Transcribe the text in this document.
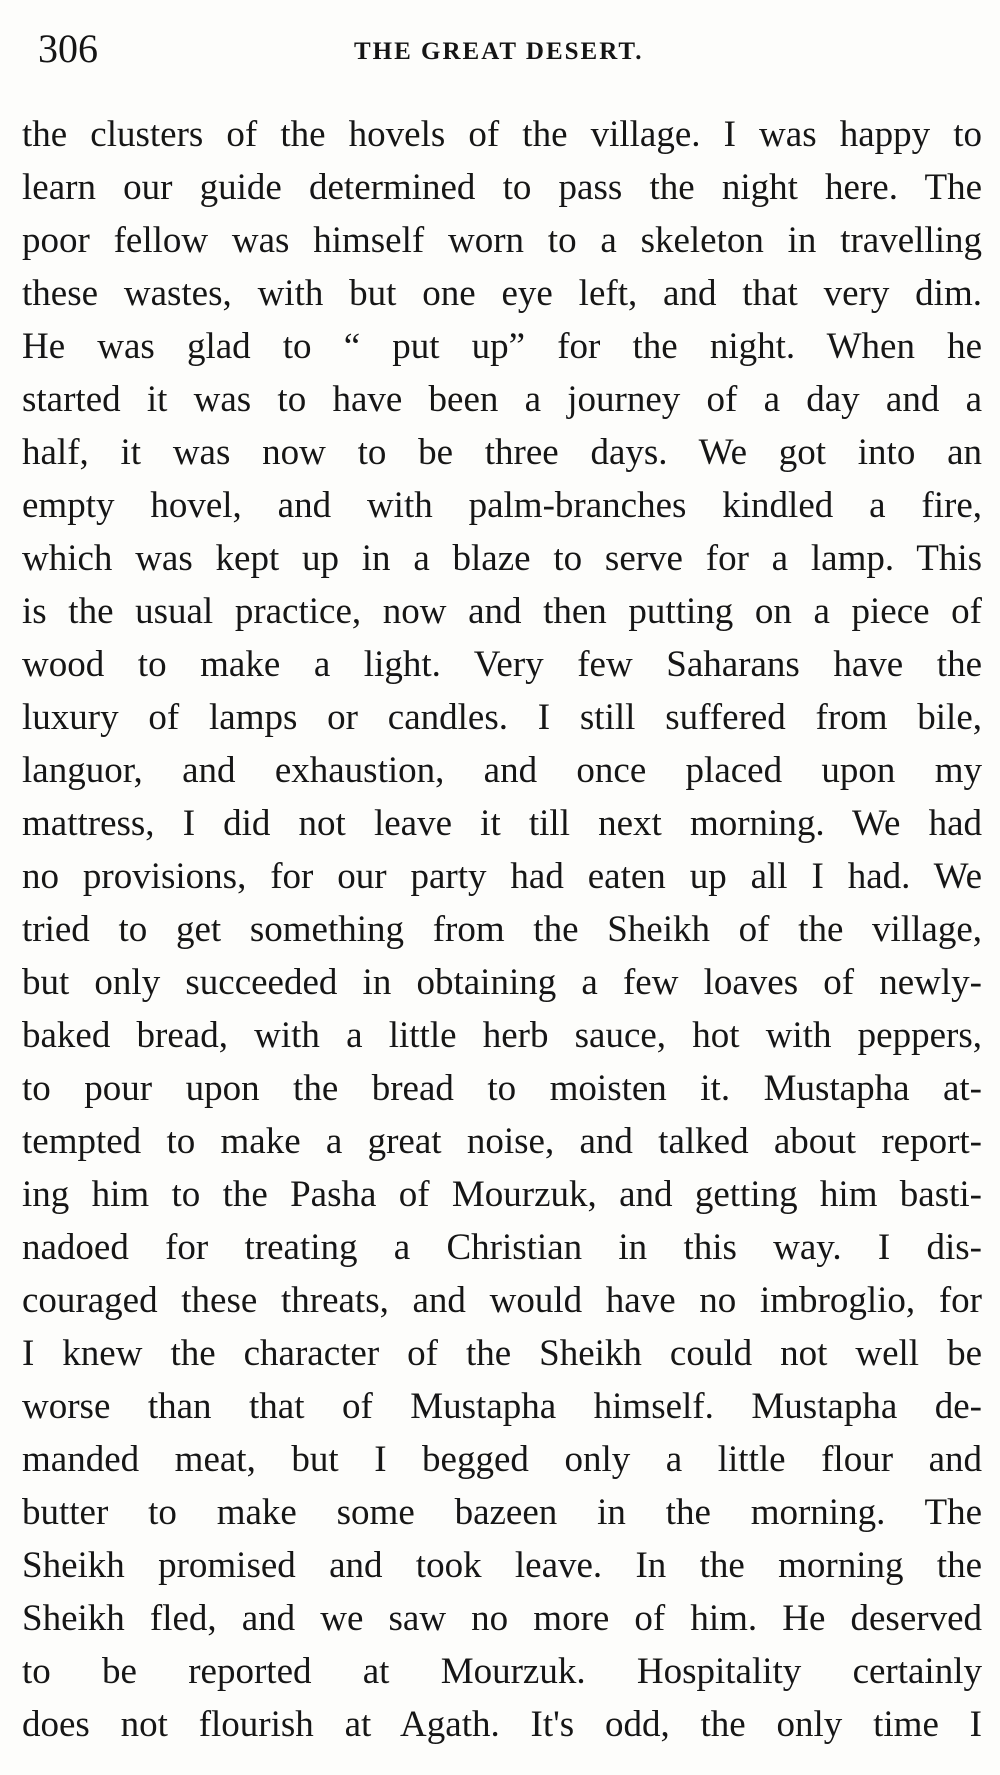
306	THE GREAT DESERT.
the clusters of the hovels of the village. I was happy to
learn our guide determined to pass the night here. The
poor fellow was himself worn to a skeleton in travelling
these wastes, with but one eye left, and that very dim.
He was glad to “ put up” for the night. When he
started it was to have been a journey of a day and a
half, it was now to be three days. We got into an
empty hovel, and with palm-branches kindled a fire,
which was kept up in a blaze to serve for a lamp. This
is the usual practice, now and then putting on a piece of
wood to make a light. Very few Saharans have the
luxury of lamps or candles. I still suffered from bile,
languor, and exhaustion, and once placed upon my
mattress, I did not leave it till next morning. We had
no provisions, for our party had eaten up all I had. We
tried to get something from the Sheikh of the village,
but only succeeded in obtaining a few loaves of newly-
baked bread, with a little herb sauce, hot with peppers,
to pour upon the bread to moisten it. Mustapha at-
tempted to make a great noise, and talked about report-
ing him to the Pasha of Mourzuk, and getting him basti-
nadoed for treating a Christian in this way. I dis-
couraged these threats, and would have no imbroglio, for
I knew the character of the Sheikh could not well be
worse than that of Mustapha himself. Mustapha de-
manded meat, but I begged only a little flour and
butter to make some bazeen in the morning. The
Sheikh promised and took leave. In the morning the
Sheikh fled, and we saw no more of him. He deserved
to be reported at Mourzuk. Hospitality certainly
does not flourish at Agath. It's odd, the only time I
